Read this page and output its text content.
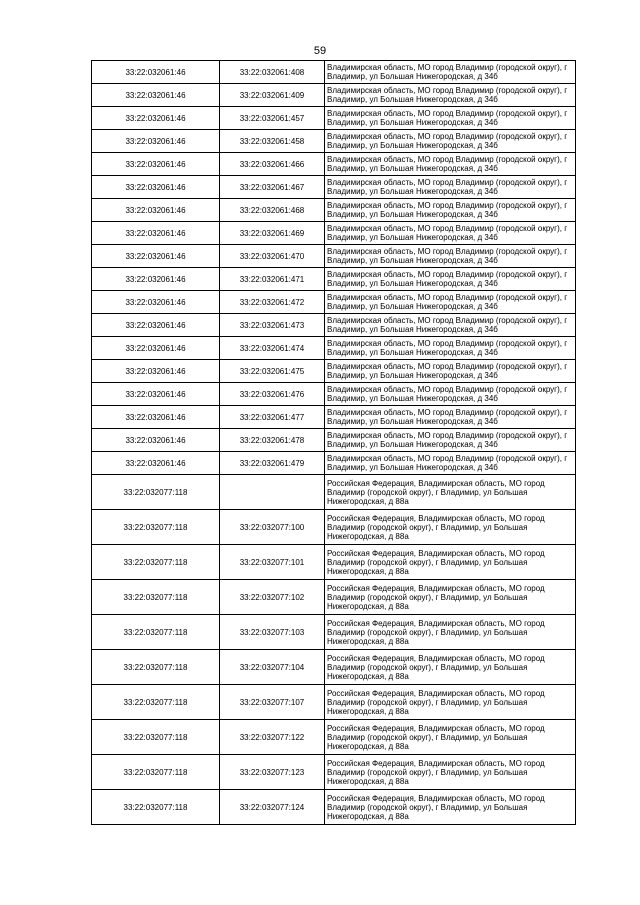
59
33:22:032061:46	33:22:032061:408	Владимирская область, МО город Владимир (городской округ), г Владимир, ул Большая Нижегородская, д 34б
33:22:032061:46	33:22:032061:409	Владимирская область, МО город Владимир (городской округ), г Владимир, ул Большая Нижегородская, д 34б
33:22:032061:46	33:22:032061:457	Владимирская область, МО город Владимир (городской округ), г Владимир, ул Большая Нижегородская, д 34б
33:22:032061:46	33:22:032061:458	Владимирская область, МО город Владимир (городской округ), г Владимир, ул Большая Нижегородская, д 34б
33:22:032061:46	33:22:032061:466	Владимирская область, МО город Владимир (городской округ), г Владимир, ул Большая Нижегородская, д 34б
33:22:032061:46	33:22:032061:467	Владимирская область, МО город Владимир (городской округ), г Владимир, ул Большая Нижегородская, д 34б
33:22:032061:46	33:22:032061:468	Владимирская область, МО город Владимир (городской округ), г Владимир, ул Большая Нижегородская, д 34б
33:22:032061:46	33:22:032061:469	Владимирская область, МО город Владимир (городской округ), г Владимир, ул Большая Нижегородская, д 34б
33:22:032061:46	33:22:032061:470	Владимирская область, МО город Владимир (городской округ), г Владимир, ул Большая Нижегородская, д 34б
33:22:032061:46	33:22:032061:471	Владимирская область, МО город Владимир (городской округ), г Владимир, ул Большая Нижегородская, д 34б
33:22:032061:46	33:22:032061:472	Владимирская область, МО город Владимир (городской округ), г Владимир, ул Большая Нижегородская, д 34б
33:22:032061:46	33:22:032061:473	Владимирская область, МО город Владимир (городской округ), г Владимир, ул Большая Нижегородская, д 34б
33:22:032061:46	33:22:032061:474	Владимирская область, МО город Владимир (городской округ), г Владимир, ул Большая Нижегородская, д 34б
33:22:032061:46	33:22:032061:475	Владимирская область, МО город Владимир (городской округ), г Владимир, ул Большая Нижегородская, д 34б
33:22:032061:46	33:22:032061:476	Владимирская область, МО город Владимир (городской округ), г Владимир, ул Большая Нижегородская, д 34б
33:22:032061:46	33:22:032061:477	Владимирская область, МО город Владимир (городской округ), г Владимир, ул Большая Нижегородская, д 34б
33:22:032061:46	33:22:032061:478	Владимирская область, МО город Владимир (городской округ), г Владимир, ул Большая Нижегородская, д 34б
33:22:032061:46	33:22:032061:479	Владимирская область, МО город Владимир (городской округ), г Владимир, ул Большая Нижегородская, д 34б
33:22:032077:118		Российская Федерация, Владимирская область, МО город Владимир (городской округ), г Владимир, ул Большая Нижегородская, д 88а
33:22:032077:118	33:22:032077:100	Российская Федерация, Владимирская область, МО город Владимир (городской округ), г Владимир, ул Большая Нижегородская, д 88а
33:22:032077:118	33:22:032077:101	Российская Федерация, Владимирская область, МО город Владимир (городской округ), г Владимир, ул Большая Нижегородская, д 88а
33:22:032077:118	33:22:032077:102	Российская Федерация, Владимирская область, МО город Владимир (городской округ), г Владимир, ул Большая Нижегородская, д 88а
33:22:032077:118	33:22:032077:103	Российская Федерация, Владимирская область, МО город Владимир (городской округ), г Владимир, ул Большая Нижегородская, д 88а
33:22:032077:118	33:22:032077:104	Российская Федерация, Владимирская область, МО город Владимир (городской округ), г Владимир, ул Большая Нижегородская, д 88а
33:22:032077:118	33:22:032077:107	Российская Федерация, Владимирская область, МО город Владимир (городской округ), г Владимир, ул Большая Нижегородская, д 88а
33:22:032077:118	33:22:032077:122	Российская Федерация, Владимирская область, МО город Владимир (городской округ), г Владимир, ул Большая Нижегородская, д 88а
33:22:032077:118	33:22:032077:123	Российская Федерация, Владимирская область, МО город Владимир (городской округ), г Владимир, ул Большая Нижегородская, д 88а
33:22:032077:118	33:22:032077:124	Российская Федерация, Владимирская область, МО город Владимир (городской округ), г Владимир, ул Большая Нижегородская, д 88а
